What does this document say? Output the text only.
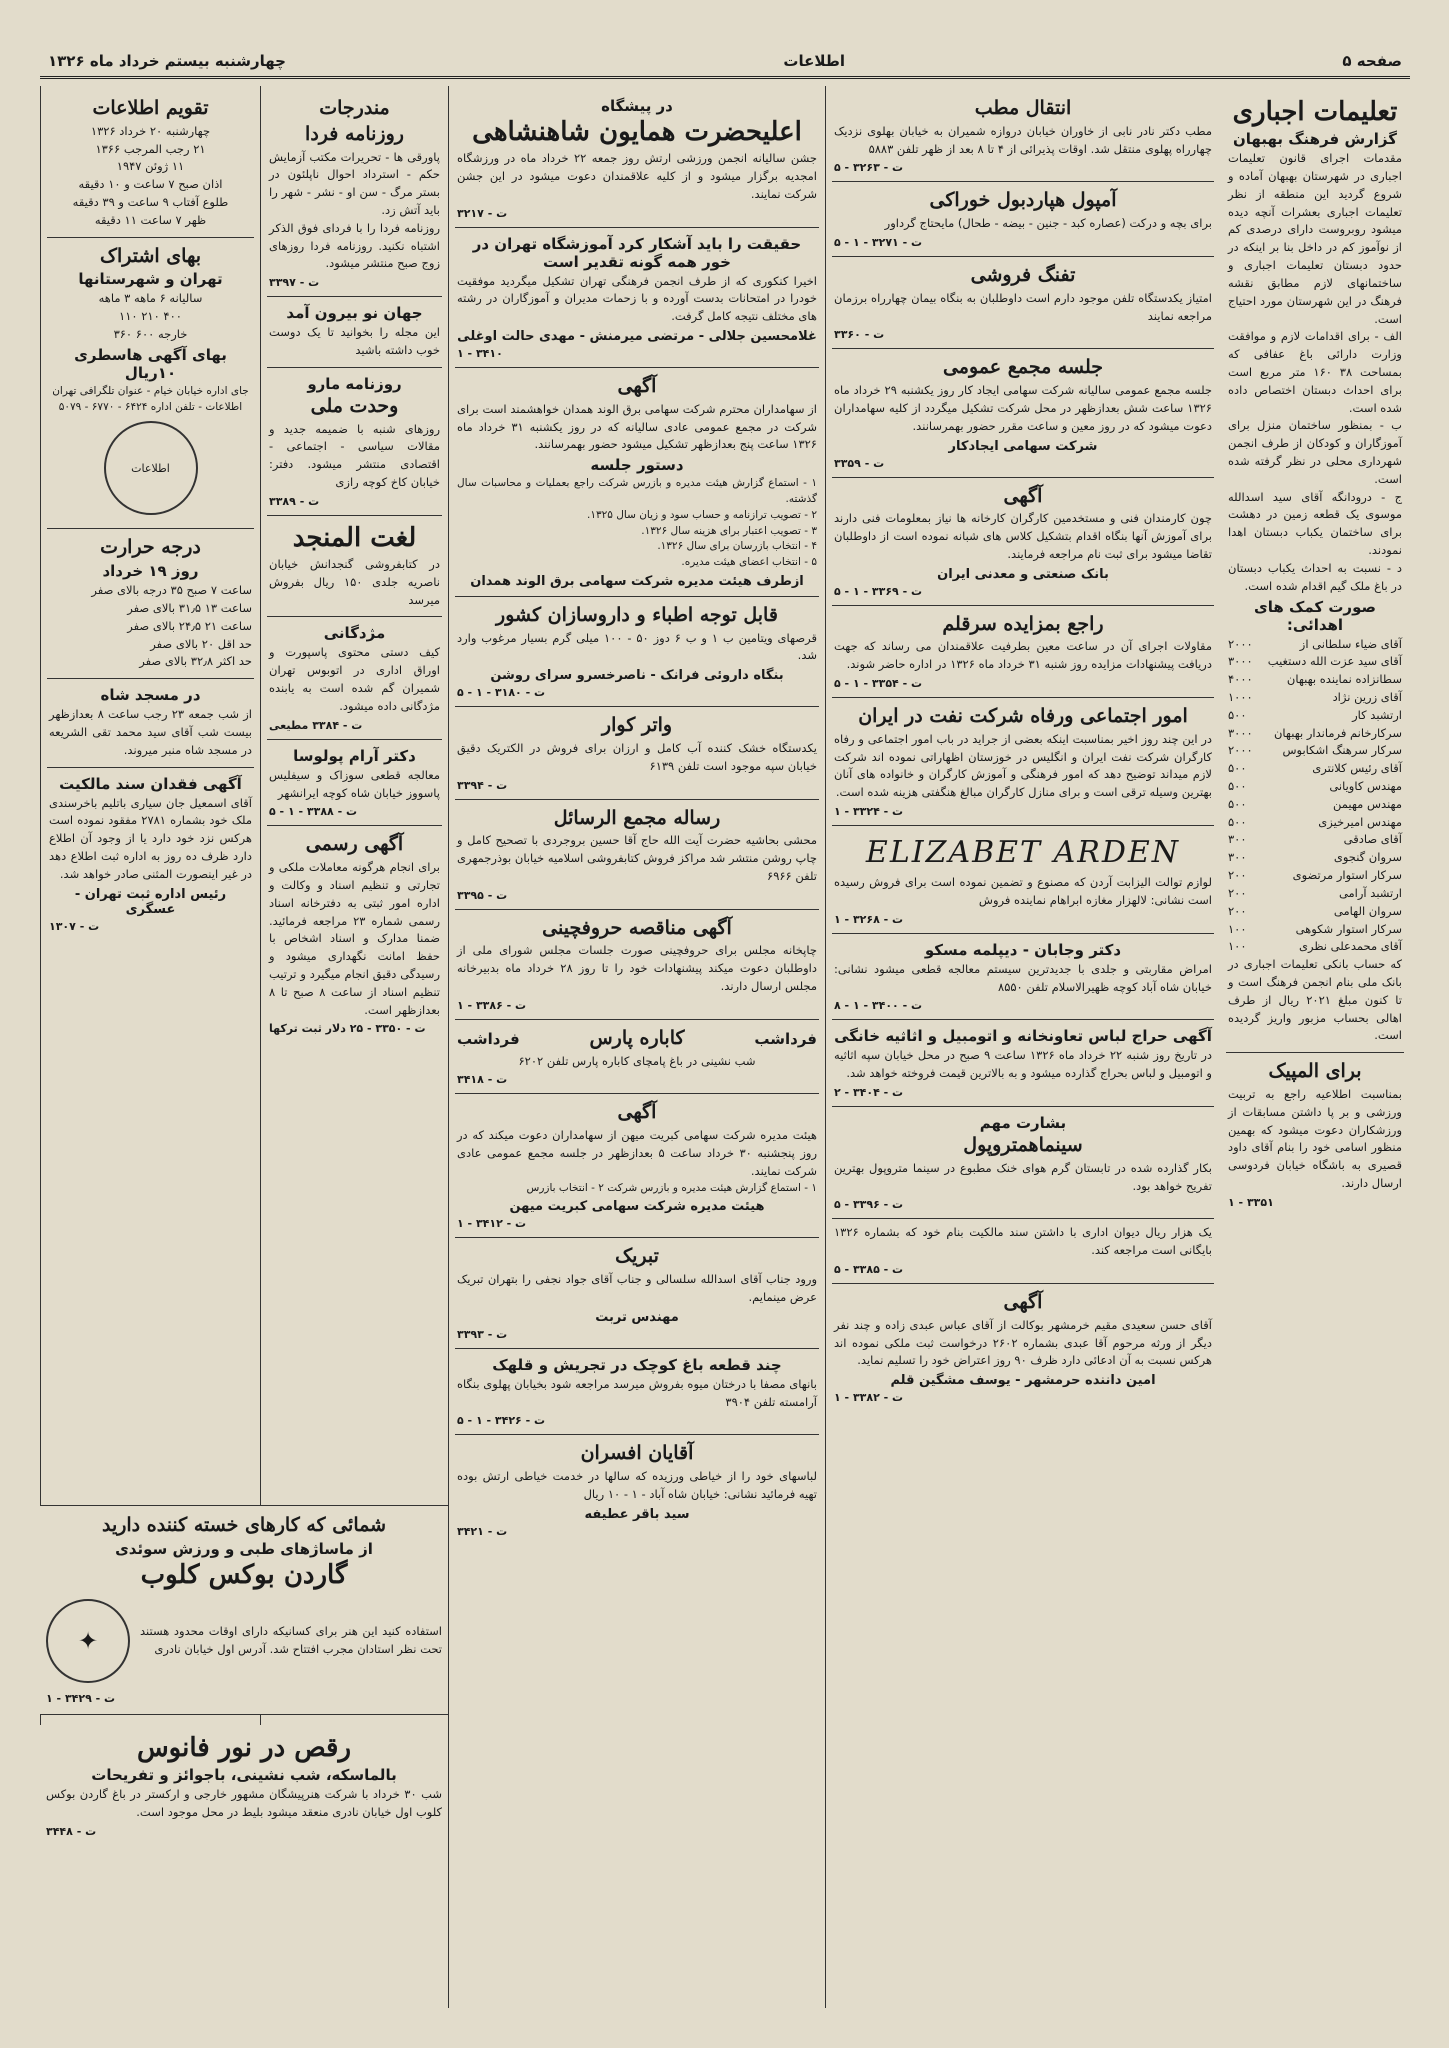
صفحه ۵
اطلاعات
چهارشنبه بیستم خرداد ماه ۱۳۲۶
تعلیمات اجباری
گزارش فرهنگ بهبهان
مقدمات اجرای قانون تعلیمات اجباری در شهرستان بهبهان آماده و شروع گردید این منطقه از نظر تعلیمات اجباری بعشرات آنچه دیده میشود روبروست دارای درصدی کم از نوآموز کم در داخل بنا بر اینکه در حدود دبستان تعلیمات اجباری و ساختمانهای لازم مطابق نقشه فرهنگ در این شهرستان مورد احتیاج است.
الف - برای اقدامات لازم و موافقت وزارت دارائی باغ عفافی که بمساحت ۳۸ ۱۶۰ متر مربع است برای احداث دبستان اختصاص داده شده است.
ب - بمنظور ساختمان منزل برای آموزگاران و کودکان از طرف انجمن شهرداری محلی در نظر گرفته شده است.
ج - درودانگه آقای سید اسدالله موسوی یک قطعه زمین در دهشت برای ساختمان یکباب دبستان اهدا نمودند.
د - نسبت به احداث یکباب دبستان در باغ ملک گیم اقدام شده است.
صورت کمک های اهدائی:
آقای ضیاء سلطانی از
۲۰۰۰
آقای سید عزت الله دستغیب
۳۰۰۰
سطانزاده نماینده بهبهان
۴۰۰۰
آقای زرین نژاد
۱۰۰۰
ارتشبد کار
۵۰۰
سرکارخانم فرماندار بهبهان
۳۰۰۰
سرکار سرهنگ اشکابوس
۲۰۰۰
آقای رئیس کلانتری
۵۰۰
مهندس کاویانی
۵۰۰
مهندس مهیمن
۵۰۰
مهندس امیرخیزی
۵۰۰
آقای صادقی
۳۰۰
سروان گنجوی
۳۰۰
سرکار استوار مرتضوی
۲۰۰
ارتشبد آرامی
۲۰۰
سروان الهامی
۲۰۰
سرکار استوار شکوهی
۱۰۰
آقای محمدعلی نظری
۱۰۰
که حساب بانکی تعلیمات اجباری در بانک ملی بنام انجمن فرهنگ است و تا کنون مبلغ ۲۰۲۱ ریال از طرف اهالی بحساب مزبور واریز گردیده است.
برای المپیک
بمناسبت اطلاعیه راجع به تربیت ورزشی و بر پا داشتن مسابقات از ورزشکاران دعوت میشود که بهمین منظور اسامی خود را بنام آقای داود قصیری به باشگاه خیابان فردوسی ارسال دارند.
۱ - ۳۳۵۱
انتقال مطب
مطب دکتر نادر نابی از خاوران خیابان دروازه شمیران به خیابان بهلوی نزدیک چهارراه پهلوی منتقل شد. اوقات پذیرائی از ۴ تا ۸ بعد از ظهر تلفن ۵۸۸۳
ت - ۳۲۶۳ - ۵
آمپول هپاردبول خوراکی
برای بچه و درکت (عصاره کبد - جنین - بیضه - طحال) مایحتاج گرداور
ت - ۳۲۷۱ - ۱ - ۵
تفنگ فروشی
امتیاز یکدستگاه تلفن موجود دارم است داوطلبان به بنگاه بیمان چهارراه برزمان مراجعه نمایند
ت - ۳۳۶۰
جلسه مجمع عمومی
جلسه مجمع عمومی سالیانه شرکت سهامی ایجاد کار روز یکشنبه ۲۹ خرداد ماه ۱۳۲۶ ساعت شش بعدازظهر در محل شرکت تشکیل میگردد از کلیه سهامداران دعوت میشود که در روز معین و ساعت مقرر حضور بهمرسانند.
شرکت سهامی ایجادکار
ت - ۳۳۵۹
آگهی
چون کارمندان فنی و مستخدمین کارگران کارخانه ها نیاز بمعلومات فنی دارند برای آموزش آنها بنگاه اقدام بتشکیل کلاس های شبانه نموده است از داوطلبان تقاضا میشود برای ثبت نام مراجعه فرمایند.
بانک صنعتی و معدنی ایران
ت - ۳۳۶۹ - ۱ - ۵
راجع بمزایده سرقلم
مقاولات اجرای آن در ساعت معین بطرفیت علاقمندان می رساند که جهت دریافت پیشنهادات مزایده روز شنبه ۳۱ خرداد ماه ۱۳۲۶ در اداره حاضر شوند.
ت - ۳۳۵۴ - ۱ - ۵
امور اجتماعی ورفاه شرکت نفت در ایران
در این چند روز اخیر بمناسبت اینکه بعضی از جراید در باب امور اجتماعی و رفاه کارگران شرکت نفت ایران و انگلیس در خوزستان اظهاراتی نموده اند شرکت لازم میداند توضیح دهد که امور فرهنگی و آموزش کارگران و خانواده های آنان بهترین وسیله ترقی است و برای منازل کارگران مبالغ هنگفتی هزینه شده است.
ت - ۳۳۲۴ - ۱
ELIZABET ARDEN
لوازم توالت الیزابت آردن که مصنوع و تضمین نموده است برای فروش رسیده است نشانی: لالهزار مغازه ابراهام نماینده فروش
ت - ۳۲۶۸ - ۱
دکتر وجابان - دیپلمه مسکو
امراض مقاربتی و جلدی با جدیدترین سیستم معالجه قطعی میشود نشانی: خیابان شاه آباد کوچه ظهیرالاسلام تلفن ۸۵۵۰
ت - ۳۴۰۰ - ۱ - ۸
آگهی حراج لباس تعاونخانه و اتومبیل و اثاثیه خانگی
در تاریخ روز شنبه ۲۲ خرداد ماه ۱۳۲۶ ساعت ۹ صبح در محل خیابان سپه اثاثیه و اتومبیل و لباس بحراج گذارده میشود و به بالاترین قیمت فروخته خواهد شد.
ت - ۳۴۰۴ - ۲
بشارت مهم
سینماهمتروپول
بکار گذارده شده در تابستان گرم هوای خنک مطبوع در سینما متروپول بهترین تفریح خواهد بود.
ت - ۳۳۹۶ - ۵
یک هزار ریال دیوان اداری با داشتن سند مالکیت بنام خود که بشماره ۱۳۲۶ بایگانی است مراجعه کند.
ت - ۳۳۸۵ - ۵
آگهی
آقای حسن سعیدی مقیم خرمشهر بوکالت از آقای عباس عبدی زاده و چند نفر دیگر از ورثه مرحوم آقا عبدی بشماره ۲۶۰۲ درخواست ثبت ملکی نموده اند هرکس نسبت به آن ادعائی دارد ظرف ۹۰ روز اعتراض خود را تسلیم نماید.
امین داننده حرمشهر - یوسف مشگین قلم
ت - ۳۳۸۲ - ۱
در پیشگاه
اعلیحضرت همایون شاهنشاهی
جشن سالیانه انجمن ورزشی ارتش روز جمعه ۲۲ خرداد ماه در ورزشگاه امجدیه برگزار میشود و از کلیه علاقمندان دعوت میشود در این جشن شرکت نمایند.
ت - ۳۲۱۷
حقیقت را باید آشکار کرد آموزشگاه تهران در خور همه گونه تقدیر است
اخیرا کنکوری که از طرف انجمن فرهنگی تهران تشکیل میگردید موفقیت خودرا در امتحانات بدست آورده و با زحمات مدیران و آموزگاران در رشته های مختلف نتیجه کامل گرفت.
غلامحسین جلالی - مرتضی میرمنش - مهدی حالت اوغلی
۱ - ۳۴۱۰
آگهی
از سهامداران محترم شرکت سهامی برق الوند همدان خواهشمند است برای شرکت در مجمع عمومی عادی سالیانه که در روز یکشنبه ۳۱ خرداد ماه ۱۳۲۶ ساعت پنج بعدازظهر تشکیل میشود حضور بهمرسانند.
دستور جلسه
۱ - استماع گزارش هیئت مدیره و بازرس شرکت راجع بعملیات و محاسبات سال گذشته.
۲ - تصویب ترازنامه و حساب سود و زیان سال ۱۳۲۵.
۳ - تصویب اعتبار برای هزینه سال ۱۳۲۶.
۴ - انتخاب بازرسان برای سال ۱۳۲۶.
۵ - انتخاب اعضای هیئت مدیره.
ازطرف هیئت مدیره شرکت سهامی برق الوند همدان
قابل توجه اطباء و داروسازان کشور
قرصهای ویتامین ب ۱ و ب ۶ دوز ۵۰ - ۱۰۰ میلی گرم بسیار مرغوب وارد شد.
بنگاه داروئی فرانک - ناصرخسرو سرای روشن
ت - ۳۱۸۰ - ۱ - ۵
واتر کوار
یکدستگاه خشک کننده آب کامل و ارزان برای فروش در الکتریک دقیق خیابان سپه موجود است تلفن ۶۱۳۹
ت - ۳۳۹۴
رساله مجمع الرسائل
محشی بحاشیه حضرت آیت الله حاج آقا حسین بروجردی با تصحیح کامل و چاپ روشن منتشر شد مراکز فروش کتابفروشی اسلامیه خیابان بوذرجمهری تلفن ۶۹۶۶
ت - ۳۳۹۵
آگهی مناقصه حروفچینی
چاپخانه مجلس برای حروفچینی صورت جلسات مجلس شورای ملی از داوطلبان دعوت میکند پیشنهادات خود را تا روز ۲۸ خرداد ماه بدبیرخانه مجلس ارسال دارند.
ت - ۳۳۸۶ - ۱
فرداشب
کاباره پارس
فرداشب
شب نشینی در باغ پامچای کاباره پارس تلفن ۶۲۰۲
ت - ۳۴۱۸
آگهی
هیئت مدیره شرکت سهامی کبریت میهن از سهامداران دعوت میکند که در روز پنجشنبه ۳۰ خرداد ساعت ۵ بعدازظهر در جلسه مجمع عمومی عادی شرکت نمایند.
۱ - استماع گزارش هیئت مدیره و بازرس شرکت ۲ - انتخاب بازرس
هیئت مدیره شرکت سهامی کبریت میهن
ت - ۳۴۱۲ - ۱
تبریک
ورود جناب آقای اسدالله سلسالی و جناب آقای جواد نجفی را بتهران تبریک عرض مینمایم.
مهندس تربت
ت - ۳۳۹۳
چند قطعه باغ کوچک در تجریش و قلهک
بانهای مصفا با درختان میوه بفروش میرسد مراجعه شود بخیابان پهلوی بنگاه آرامسته تلفن ۳۹۰۴
ت - ۳۴۲۶ - ۱ - ۵
آقایان افسران
لباسهای خود را از خیاطی ورزیده که سالها در خدمت خیاطی ارتش بوده تهیه فرمائید نشانی: خیابان شاه آباد - ۱ - ۱۰ ریال
سید باقر عطیفه
ت - ۳۴۲۱
مندرجات
روزنامه فردا
پاورقی ها - تحریرات مکتب آزمایش حکم - استرداد احوال ناپلئون در بستر مرگ - سن او - نشر - شهر را باید آتش زد.
روزنامه فردا را با فردای فوق الذکر اشتباه نکنید. روزنامه فردا روزهای زوج صبح منتشر میشود.
ت - ۳۳۹۷
جهان نو بیرون آمد
این مجله را بخوانید تا یک دوست خوب داشته باشید
روزنامه مارو
وحدت ملی
روزهای شنبه با ضمیمه جدید و مقالات سیاسی - اجتماعی - اقتصادی منتشر میشود. دفتر: خیابان کاخ کوچه رازی
ت - ۳۳۸۹
لغت المنجد
در کتابفروشی گنجدانش خیابان ناصریه جلدی ۱۵۰ ریال بفروش میرسد
مژدگانی
کیف دستی محتوی پاسپورت و اوراق اداری در اتوبوس تهران شمیران گم شده است به یابنده مژدگانی داده میشود.
ت - ۳۳۸۴ مطیعی
دکتر آرام پولوسا
معالجه قطعی سوزاک و سیفلیس پاسووز خیابان شاه کوچه ایرانشهر
ت - ۳۳۸۸ - ۱ - ۵
آگهی رسمی
برای انجام هرگونه معاملات ملکی و تجارتی و تنظیم اسناد و وکالت و اداره امور ثبتی به دفترخانه اسناد رسمی شماره ۲۳ مراجعه فرمائید. ضمنا مدارک و اسناد اشخاص با حفظ امانت نگهداری میشود و رسیدگی دقیق انجام میگیرد و ترتیب تنظیم اسناد از ساعت ۸ صبح تا ۸ بعدازظهر است.
ت - ۳۳۵۰ - ۲۵ دلار ثبت ترکها
تقویم اطلاعات
چهارشنبه ۲۰ خرداد ۱۳۲۶
۲۱ رجب المرجب ۱۳۶۶
۱۱ ژوئن ۱۹۴۷
اذان صبح ۷ ساعت و ۱۰ دقیقه
طلوع آفتاب ۹ ساعت و ۳۹ دقیقه
ظهر ۷ ساعت ۱۱ دقیقه
بهای اشتراک
تهران و شهرستانها
ساليانه ۶ ماهه ۳ ماهه
۴۰۰ ۲۱۰ ۱۱۰
خارجه ۶۰۰ ۳۶۰
بهای آگهی هاسطری ۱۰ریال
جای اداره خیابان خیام - عنوان تلگرافی تهران اطلاعات - تلفن اداره ۶۴۲۴ - ۶۷۷۰ - ۵۰۷۹
اطلاعات
درجه حرارت
روز ۱۹ خرداد
ساعت ۷ صبح ۳۵ درجه بالای صفر
ساعت ۱۳ ۳۱٫۵ بالای صفر
ساعت ۲۱ ۲۴٫۵ بالای صفر
حد اقل ۲۰ بالای صفر
حد اکثر ۳۲٫۸ بالای صفر
در مسجد شاه
از شب جمعه ۲۳ رجب ساعت ۸ بعدازظهر بیست شب آقای سید محمد تقی الشریعه در مسجد شاه منبر میروند.
آگهی فقدان سند مالکیت
آقای اسمعیل جان سیاری باتلیم باخرسندی ملک خود بشماره ۲۷۸۱ مفقود نموده است هرکس نزد خود دارد یا از وجود آن اطلاع دارد ظرف ده روز به اداره ثبت اطلاع دهد در غیر اینصورت المثنی صادر خواهد شد.
رئیس اداره ثبت تهران - عسگری
ت - ۱۳۰۷
شمائی که کارهای خسته کننده دارید
از ماساژهای طبی و ورزش سوئدی
گاردن بوکس کلوب
استفاده کنید این هنر برای کسانیکه دارای اوقات محدود هستند تحت نظر استادان مجرب افتتاح شد. آدرس اول خیابان نادری
✦
ت - ۳۴۲۹ - ۱
رقص در نور فانوس
بالماسکه، شب نشینی، باجوائز و تفریحات
شب ۳۰ خرداد با شرکت هنرپیشگان مشهور خارجی و ارکستر در باغ گاردن بوکس کلوب اول خیابان نادری منعقد میشود بلیط در محل موجود است.
ت - ۳۴۴۸
